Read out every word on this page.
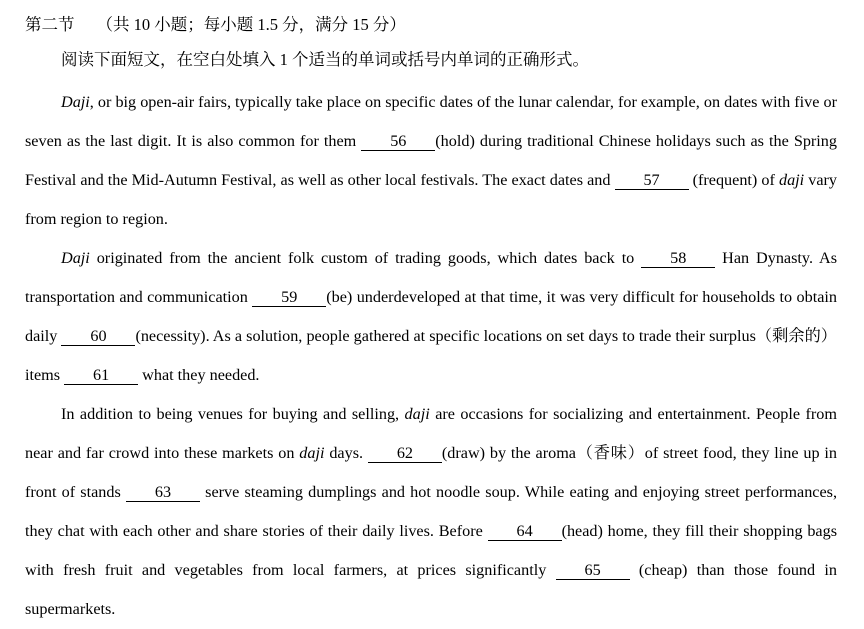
第二节 （共 10 小题；每小题 1.5 分，满分 15 分）
阅读下面短文，在空白处填入 1 个适当的单词或括号内单词的正确形式。

Daji, or big open-air fairs, typically take place on specific dates of the lunar calendar, for example, on dates with five or seven as the last digit. It is also common for them 56 (hold) during traditional Chinese holidays such as the Spring Festival and the Mid-Autumn Festival, as well as other local festivals. The exact dates and 57 (frequent) of daji vary from region to region.

Daji originated from the ancient folk custom of trading goods, which dates back to 58 Han Dynasty. As transportation and communication 59 (be) underdeveloped at that time, it was very difficult for households to obtain daily 60 (necessity). As a solution, people gathered at specific locations on set days to trade their surplus（剩余的）items 61 what they needed.

In addition to being venues for buying and selling, daji are occasions for socializing and entertainment. People from near and far crowd into these markets on daji days. 62 (draw) by the aroma（香味）of street food, they line up in front of stands 63 serve steaming dumplings and hot noodle soup. While eating and enjoying street performances, they chat with each other and share stories of their daily lives. Before 64 (head) home, they fill their shopping bags with fresh fruit and vegetables from local farmers, at prices significantly 65 (cheap) than those found in supermarkets.
